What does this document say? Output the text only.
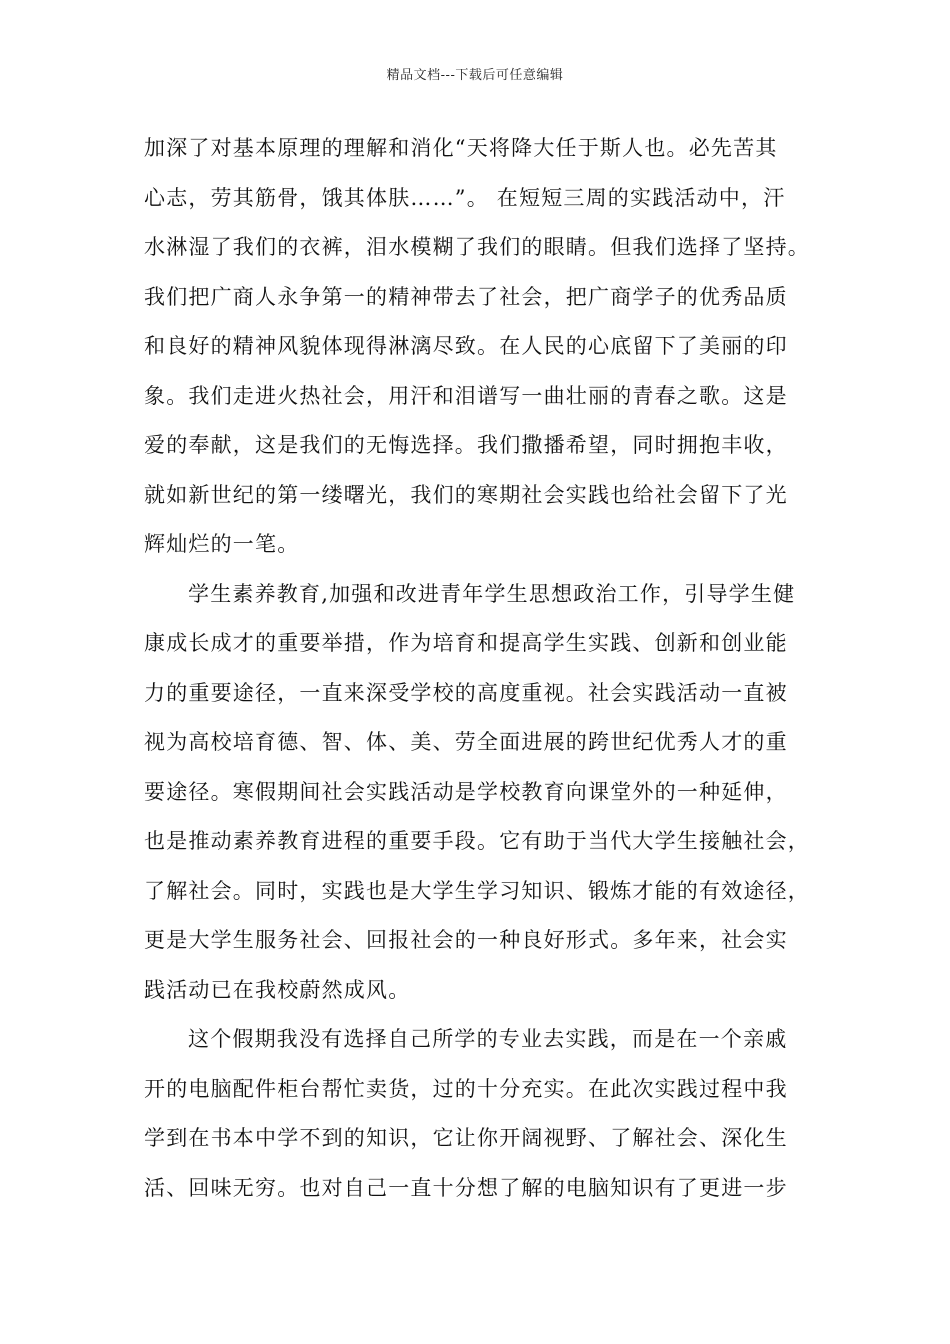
精品文档---下载后可任意编辑
加深了对基本原理的理解和消化“天将降大任于斯人也。必先苦其
心志，劳其筋骨，饿其体肤……”。 在短短三周的实践活动中，汗
水淋湿了我们的衣裤，泪水模糊了我们的眼睛。但我们选择了坚持。
我们把广商人永争第一的精神带去了社会，把广商学子的优秀品质
和良好的精神风貌体现得淋漓尽致。在人民的心底留下了美丽的印
象。我们走进火热社会，用汗和泪谱写一曲壮丽的青春之歌。这是
爱的奉献，这是我们的无悔选择。我们撒播希望，同时拥抱丰收，
就如新世纪的第一缕曙光，我们的寒期社会实践也给社会留下了光
辉灿烂的一笔。
学生素养教育,加强和改进青年学生思想政治工作，引导学生健
康成长成才的重要举措，作为培育和提高学生实践、创新和创业能
力的重要途径，一直来深受学校的高度重视。社会实践活动一直被
视为高校培育德、智、体、美、劳全面进展的跨世纪优秀人才的重
要途径。寒假期间社会实践活动是学校教育向课堂外的一种延伸，
也是推动素养教育进程的重要手段。它有助于当代大学生接触社会，
了解社会。同时，实践也是大学生学习知识、锻炼才能的有效途径，
更是大学生服务社会、回报社会的一种良好形式。多年来，社会实
践活动已在我校蔚然成风。
这个假期我没有选择自己所学的专业去实践，而是在一个亲戚
开的电脑配件柜台帮忙卖货，过的十分充实。在此次实践过程中我
学到在书本中学不到的知识，它让你开阔视野、了解社会、深化生
活、回味无穷。也对自己一直十分想了解的电脑知识有了更进一步
